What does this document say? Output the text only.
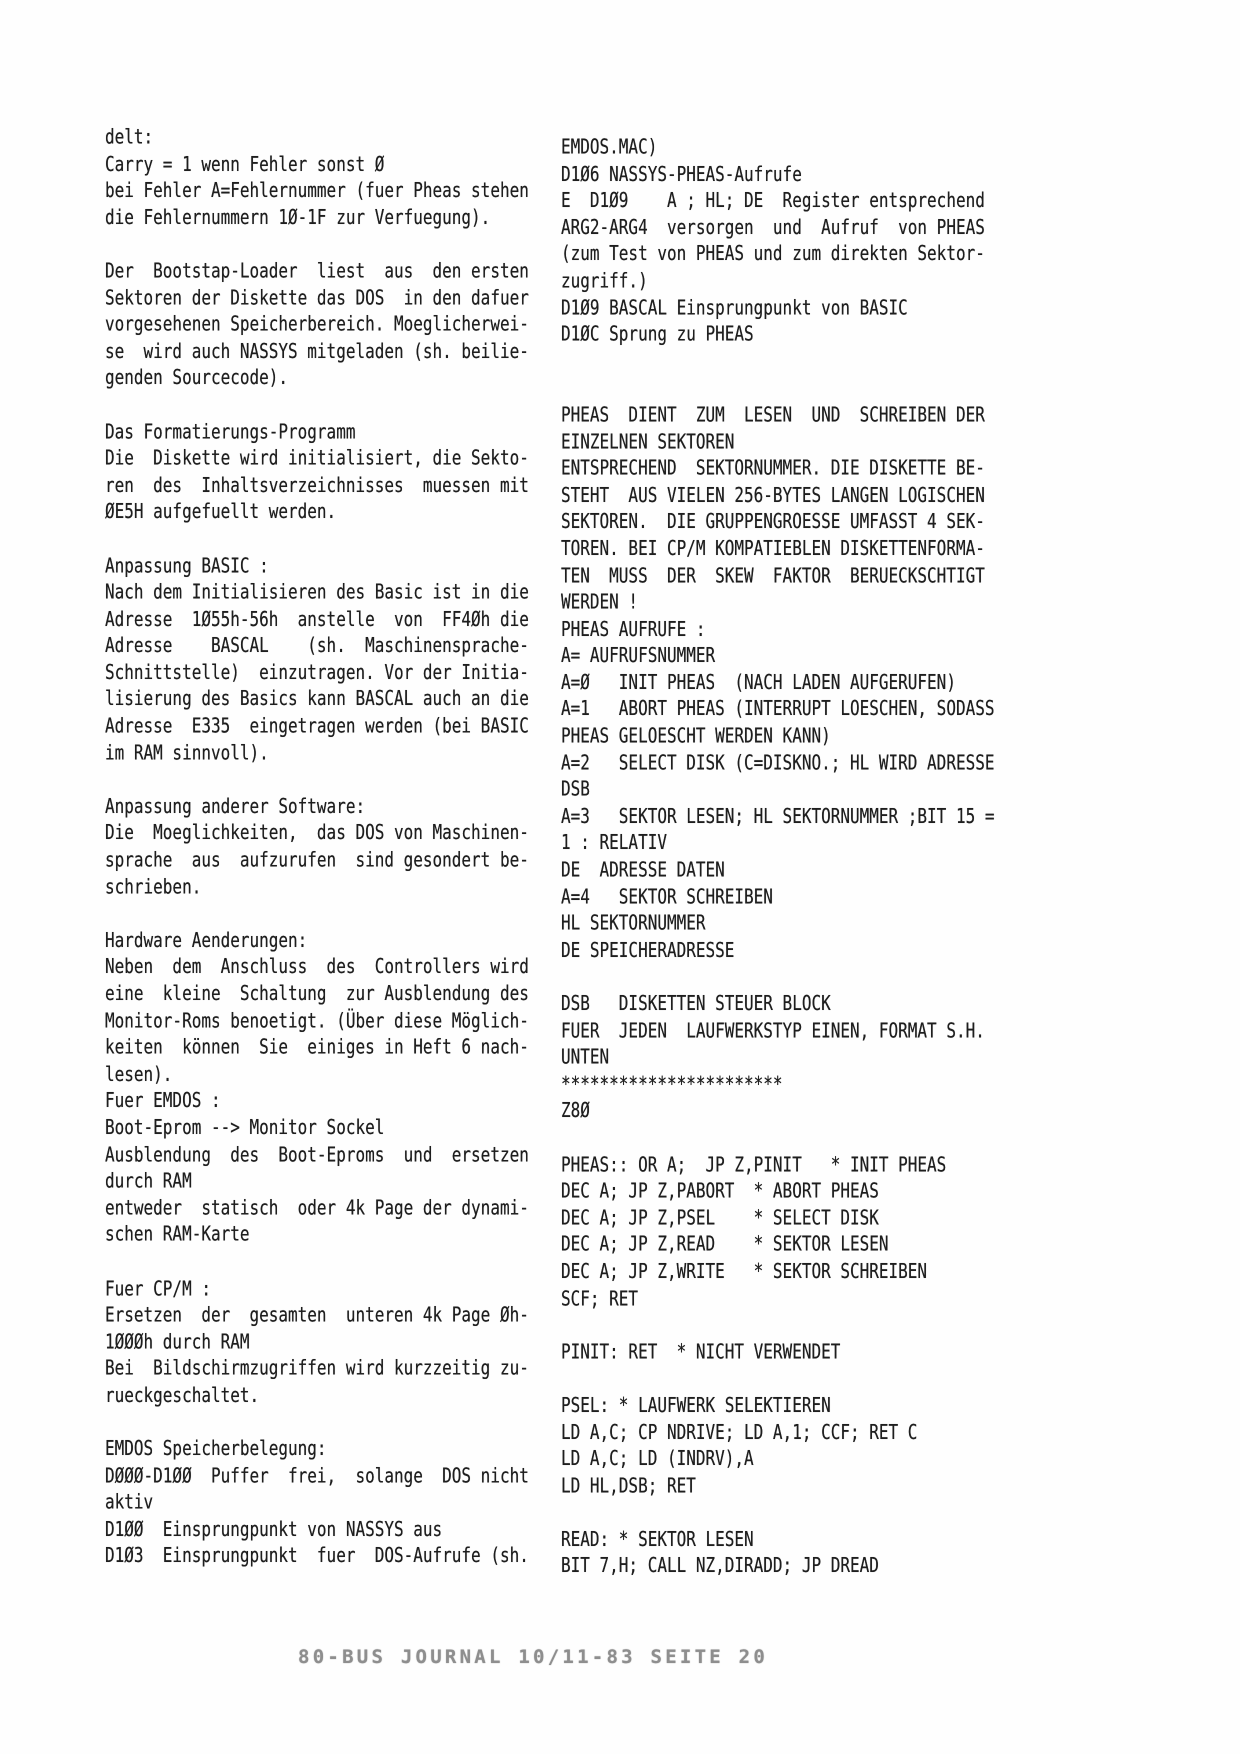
delt:
Carry = 1 wenn Fehler sonst Ø
bei Fehler A=Fehlernummer (fuer Pheas stehen
die Fehlernummern 1Ø-1F zur Verfuegung).

Der  Bootstap-Loader  liest  aus  den ersten
Sektoren der Diskette das DOS  in den dafuer
vorgesehenen Speicherbereich. Moeglicherwei-
se  wird auch NASSYS mitgeladen (sh. beilie-
genden Sourcecode).

Das Formatierungs-Programm
Die  Diskette wird initialisiert, die Sekto-
ren  des  Inhaltsverzeichnisses  muessen mit
ØE5H aufgefuellt werden.

Anpassung BASIC :
Nach dem Initialisieren des Basic ist in die
Adresse  1Ø55h-56h  anstelle  von  FF4Øh die
Adresse    BASCAL    (sh.  Maschinensprache-
Schnittstelle)  einzutragen. Vor der Initia-
lisierung des Basics kann BASCAL auch an die
Adresse  E335  eingetragen werden (bei BASIC
im RAM sinnvoll).

Anpassung anderer Software:
Die  Moeglichkeiten,  das DOS von Maschinen-
sprache  aus  aufzurufen  sind gesondert be-
schrieben.

Hardware Aenderungen:
Neben  dem  Anschluss  des  Controllers wird
eine  kleine  Schaltung  zur Ausblendung des
Monitor-Roms benoetigt. (Über diese Möglich-
keiten  können  Sie  einiges in Heft 6 nach-
lesen).
Fuer EMDOS :
Boot-Eprom --> Monitor Sockel
Ausblendung  des  Boot-Eproms  und  ersetzen
durch RAM
entweder  statisch  oder 4k Page der dynami-
schen RAM-Karte

Fuer CP/M :
Ersetzen  der  gesamten  unteren 4k Page Øh-
1ØØØh durch RAM
Bei  Bildschirmzugriffen wird kurzzeitig zu-
rueckgeschaltet.

EMDOS Speicherbelegung:
DØØØ-D1ØØ  Puffer  frei,  solange  DOS nicht
aktiv
D1ØØ  Einsprungpunkt von NASSYS aus
D1Ø3  Einsprungpunkt  fuer  DOS-Aufrufe (sh.
EMDOS.MAC)
D1Ø6 NASSYS-PHEAS-Aufrufe
E  D1Ø9    A ; HL; DE  Register entsprechend
ARG2-ARG4  versorgen  und  Aufruf  von PHEAS
(zum Test von PHEAS und zum direkten Sektor-
zugriff.)
D1Ø9 BASCAL Einsprungpunkt von BASIC
D1ØC Sprung zu PHEAS

PHEAS  DIENT  ZUM  LESEN  UND  SCHREIBEN DER
EINZELNEN SEKTOREN
ENTSPRECHEND  SEKTORNUMMER. DIE DISKETTE BE-
STEHT  AUS VIELEN 256-BYTES LANGEN LOGISCHEN
SEKTOREN.  DIE GRUPPENGROESSE UMFASST 4 SEK-
TOREN. BEI CP/M KOMPATIEBLEN DISKETTENFORMA-
TEN  MUSS  DER  SKEW  FAKTOR  BERUECKSCHTIGT
WERDEN !
PHEAS AUFRUFE :
A= AUFRUFSNUMMER
A=Ø   INIT PHEAS  (NACH LADEN AUFGERUFEN)
A=1   ABORT PHEAS (INTERRUPT LOESCHEN, SODASS
PHEAS GELOESCHT WERDEN KANN)
A=2   SELECT DISK (C=DISKNO.; HL WIRD ADRESSE
DSB
A=3   SEKTOR LESEN; HL SEKTORNUMMER ;BIT 15 =
1 : RELATIV
DE  ADRESSE DATEN
A=4   SEKTOR SCHREIBEN
HL SEKTORNUMMER
DE SPEICHERADRESSE

DSB   DISKETTEN STEUER BLOCK
FUER  JEDEN  LAUFWERKSTYP EINEN, FORMAT S.H.
UNTEN
***********************
Z8Ø

PHEAS:: OR A;  JP Z,PINIT   * INIT PHEAS
DEC A; JP Z,PABORT  * ABORT PHEAS
DEC A; JP Z,PSEL    * SELECT DISK
DEC A; JP Z,READ    * SEKTOR LESEN
DEC A; JP Z,WRITE   * SEKTOR SCHREIBEN
SCF; RET

PINIT: RET  * NICHT VERWENDET

PSEL: * LAUFWERK SELEKTIEREN
LD A,C; CP NDRIVE; LD A,1; CCF; RET C
LD A,C; LD (INDRV),A
LD HL,DSB; RET

READ: * SEKTOR LESEN
BIT 7,H; CALL NZ,DIRADD; JP DREAD
80-BUS JOURNAL 10/11-83 SEITE 20
